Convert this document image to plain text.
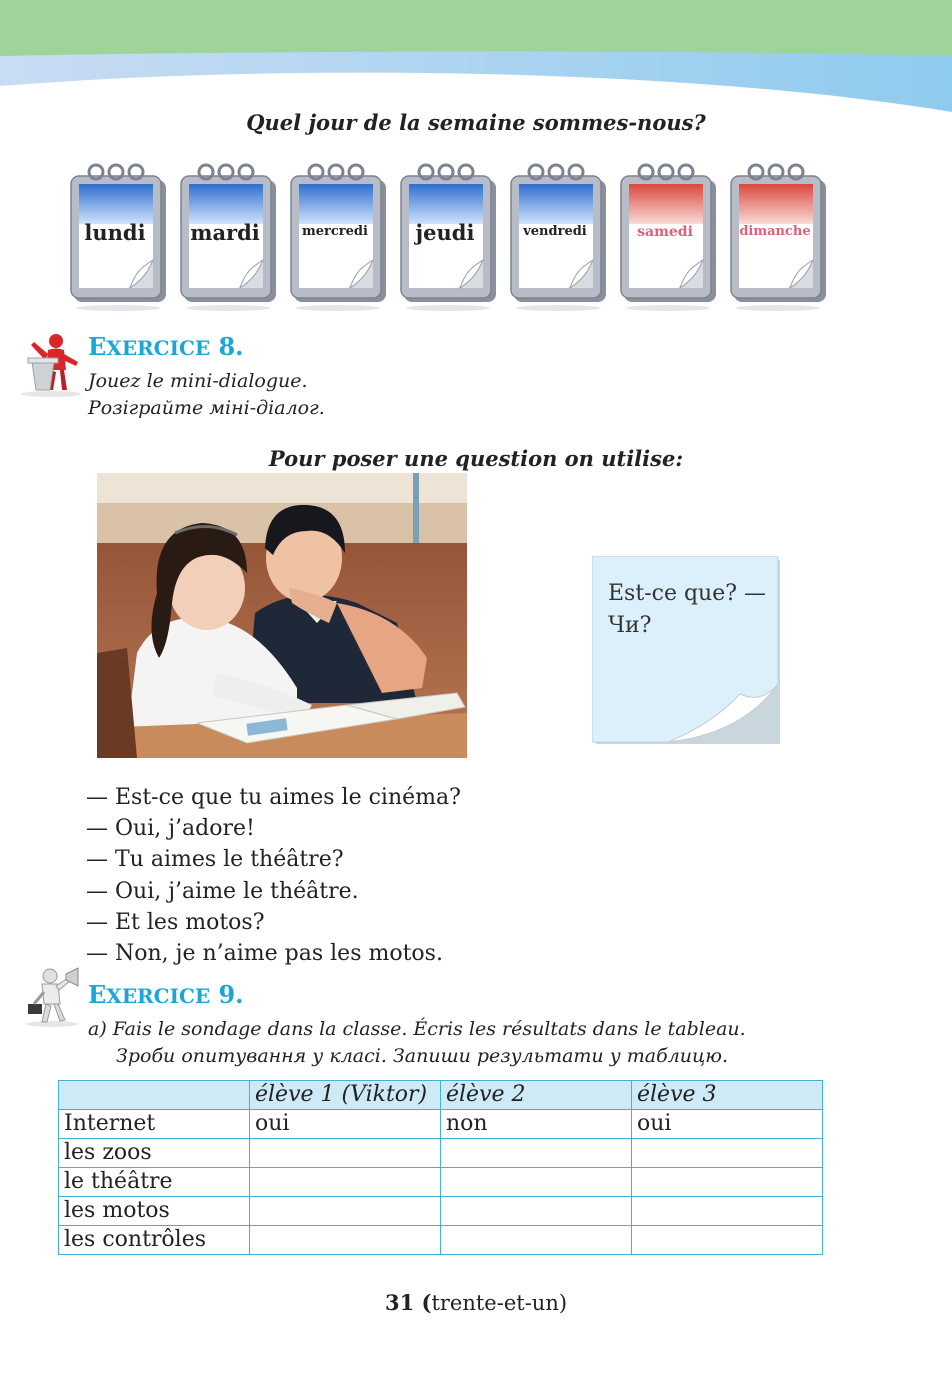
Quel jour de la semaine sommes-nous?
lundi	mardi	mercredi	jeudi	vendredi	samedi	dimanche
EXERCICE 8.
Jouez le mini-dialogue.
Розіграйте міні-діалог.
Pour poser une question on utilise:
Est-ce que? —
Чи?
— Est-ce que tu aimes le cinéma?
— Oui, j’adore!
— Tu aimes le théâtre?
— Oui, j’aime le théâtre.
— Et les motos?
— Non, je n’aime pas les motos.
EXERCICE 9.
a) Fais le sondage dans la classe. Écris les résultats dans le tableau.
Зроби опитування у класі. Запиши результати у таблицю.
	élève 1 (Viktor)	élève 2	élève 3
Internet	oui	non	oui
les zoos			
le théâtre			
les motos			
les contrôles			
31 (trente-et-un)
